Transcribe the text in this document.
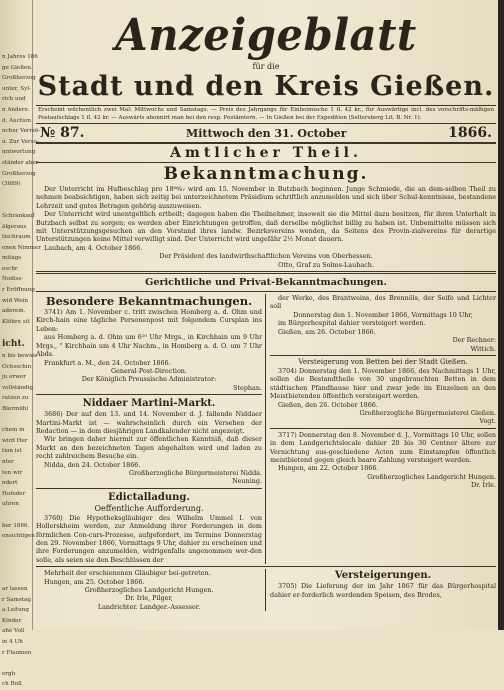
n Jahres 186
ge Gießen.
Großherzog
unter, Syl-
rich und
n Andere.
d. Auction
ncher Vermö-
u. Zur Verso-
nntwortung
ständer aber
Großherzog
(3689)

Schrankauf
älgeraus
tischraum
enen Nimmer
mitags
eschr
Nodiss-
r Eröffnung
wid Wein
aderein.
Klöhre sit

icht.
n bis bewies
Ochsschin
ju erwer
vollständig
ratzen zu
Biermühl

chem in
wird Her
tion ist
nter
ten wir
ndert
Hofoder
uhren

ber 1866.
ensichtigen

ar lassen
r Samstag
a Leitung
Kinder
ahe Voll
in 4 Uh
r Flaumen

ergh
ch Roll
Anzeigeblatt
für die
Stadt und den Kreis Gießen.
Erscheint wöchentlich zwei Mal: Mittwochs und Samstags. — Preis des Jahrgangs für Einheimische 1 fl. 42 kr., für Auswärtige incl. des vorschrifts-mäßigen Postaufschlags 1 fl. 42 kr. — Auswärts abonnirt man bei den resp. Postämtern. — In Gießen bei der Expedition (Seltersberg Lit. B. Nr. 1).
№ 87.	Mittwoch den 31. October	1866.
Amtlicher Theil.
Bekanntmachung.
Der Unterricht im Hufbeschlag pro 18⁶⁶⁄₆₇ wird am 15. November in Butzbach beginnen. Junge Schmiede, die an dem-selben Theil zu nehmen beabsichtigen, haben sich zeitig bei unterzeichnetem Präsidium schriftlich anzumelden und sich über Schul-kenntnisse, bestandene Lehrzeit und gutes Betragen gehörig auszuweisen.
Der Unterricht wird unentgeltlich ertheilt; dagegen haben die Theilnehmer, insoweit sie die Mittel dazu besitzen, für ihren Unterhalt in Butzbach selbst zu sorgen; es werden aber Einrichtungen getroffen, daß derselbe möglichst billig zu haben ist. Unbemittelte müssen sich mit Unterstützungsgesuchen an den Vorstand ihres landw. Bezirksvereins wenden, da Seitens des Provin-zialvereins für derartige Unterstützungen keine Mittel verwilligt sind. Der Unterricht wird ungefähr 2½ Monat dauern.
Laubach, am 4. October 1866.
Der Präsident des landwirthschaftlichen Vereins von Oberhessen.
Otto, Graf zu Solms-Laubach.
Gerichtliche und Privat-Bekanntmachungen.
Besondere Bekanntmachungen.
3741) Am 1. November c. tritt zwischen Homberg a. d. Ohm und Kirch-hain eine tägliche Personenpost mit folgendem Cursplan ins Leben:
aus Homberg a. d. Ohm um 6¹⁰ Uhr Mrgs., in Kirchhain um 9 Uhr Mrgs., " Kirchhain um 4 Uhr Nachm., in Homberg a. d. O. um 7 Uhr Abds.
Frankfurt a. M., den 24. October 1866.
General-Post-Direction.
Der Königlich Preussische Administrator:
Stephan.
Niddaer Martini-Markt.
3686) Der auf den 13. und 14. November d. J. fallende Niddaer Martini-Markt ist — wahrscheinlich durch ein Versehen der Redaction — in dem diesjährigen Landkalender nicht angezeigt.
Wir bringen daher hiermit zur öffentlichen Kenntniß, daß dieser Markt an den bezeichneten Tagen abgehalten wird und laden zu recht zahlreichem Besuche ein.
Nidda, den 24. October 1866.
Großherzogliche Bürgermeisterei Nidda.
Neuning.
Edictalladung.
Oeffentliche Aufforderung.
3760) Die Hypotheksgläubiger des Wilhelm Ummel I. von Hollerskheim werden, zur Anmeldung ihrer Forderungen in dem förmlichen Con-curs-Prozesse, aufgefordert, im Termine Donnerstag den 29. November 1866, Vormittags 9 Uhr, dahier zu erscheinen und ihre Forderungen anzumelden, widrigenfalls angenommen wer-den solle, als seien sie den Beschlüssen der
der Werke, des Brantweins, des Brennöls, der Seife und Lichter soll
Donnerstag den 1. November 1866, Vormittags 10 Uhr,
im Bürgerhospital dahier versteigert werden.
Gießen, am 26. October 1866.
Der Rechner:
Wittich.
Versteigerung von Betten bei der Stadt Gießen.
3704) Donnerstag den 1. November 1866, des Nachmittags 1 Uhr, sollen die Bestandtheile von 30 ungebrauchten Betten in dem städtischen Pfandhause hier und zwar jede im Einzelnen an den Meistbietenden öffentlich versteigert werden.
Gießen, den 26. October 1866.
Großherzogliche Bürgermeisterei Gießen.
Vogt.
3717) Donnerstag den 8. November d. J., Vormittags 10 Uhr, sollen in dem Landgerichtslocale dahier 20 bis 30 Centner ältere zur Vernichtung aus-geschiedene Acten zum Einstampfen öffentlich meistbietend gegen gleich baare Zahlung versteigert werden.
Hungen, am 22. October 1866.
Großherzogliches Landgericht Hungen.
Dr. Irle.
Mehrheit der erschienenen Gläubiger bei-getreten.
Hungen, am 25. October 1866.
Großherzogliches Landgericht Hungen.
Dr. Irle, Pilger,
Landrichter. Landger.-Assessor.
Versteigerungen.
3705) Die Lieferung der im Jahr 1867 für das Bürgerhospital dahier er-forderlich werdenden Speisen, des Brodes,
